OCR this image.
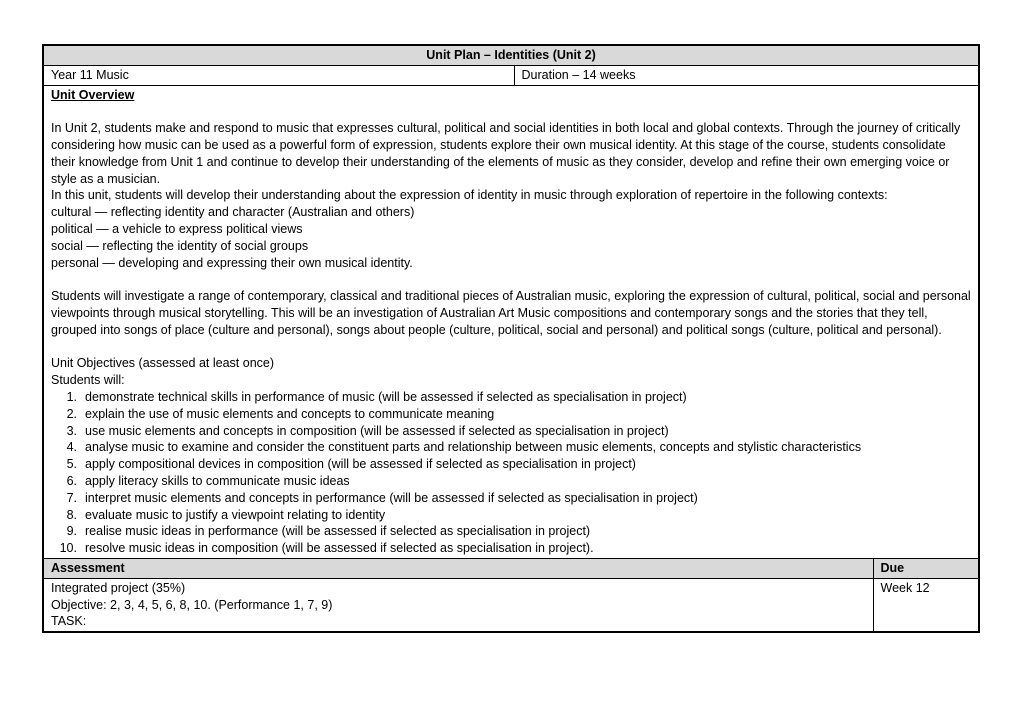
Unit Plan – Identities (Unit 2)		
Year 11 Music	Duration – 14 weeks	

Unit Overview
In Unit 2, students make and respond to music that expresses cultural, political and social identities in both local and global contexts. Through the journey of critically considering how music can be used as a powerful form of expression, students explore their own musical identity. At this stage of the course, students consolidate their knowledge from Unit 1 and continue to develop their understanding of the elements of music as they consider, develop and refine their own emerging voice or style as a musician.
In this unit, students will develop their understanding about the expression of identity in music through exploration of repertoire in the following contexts:
cultural — reflecting identity and character (Australian and others)
political — a vehicle to express political views
social — reflecting the identity of social groups
personal — developing and expressing their own musical identity.
Students will investigate a range of contemporary, classical and traditional pieces of Australian music, exploring the expression of cultural, political, social and personal viewpoints through musical storytelling. This will be an investigation of Australian Art Music compositions and contemporary songs and the stories that they tell, grouped into songs of place (culture and personal), songs about people (culture, political, social and personal) and political songs (culture, political and personal).
Unit Objectives (assessed at least once)
Students will:
demonstrate technical skills in performance of music (will be assessed if selected as specialisation in project)
explain the use of music elements and concepts to communicate meaning
use music elements and concepts in composition (will be assessed if selected as specialisation in project)
analyse music to examine and consider the constituent parts and relationship between music elements, concepts and stylistic characteristics
apply compositional devices in composition (will be assessed if selected as specialisation in project)
apply literacy skills to communicate music ideas
interpret music elements and concepts in performance (will be assessed if selected as specialisation in project)
evaluate music to justify a viewpoint relating to identity
realise music ideas in performance (will be assessed if selected as specialisation in project)
resolve music ideas in composition (will be assessed if selected as specialisation in project).

Assessment		Due

Integrated project (35%)
Objective: 2, 3, 4, 5, 6, 8, 10. (Performance 1, 7, 9)
TASK:		Week 12
